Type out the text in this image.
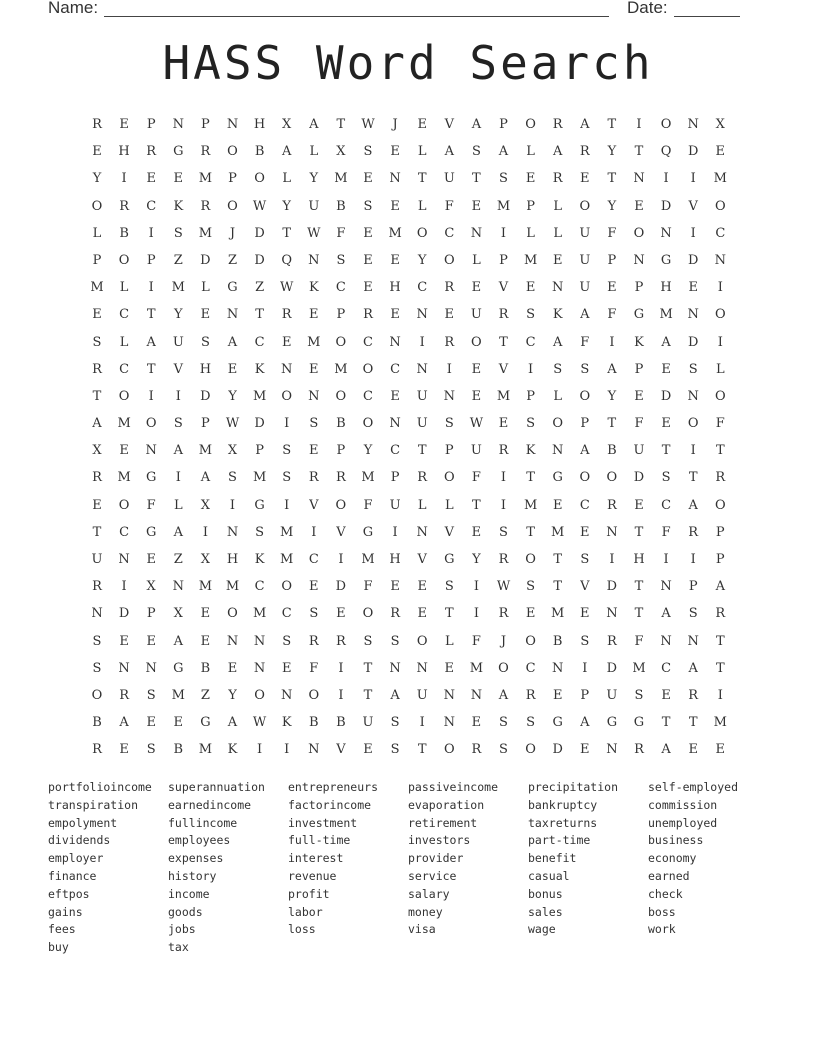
Name:	Date:
HASS Word Search
R	E	P	N	P	N	H	X	A	T	W	J	E	V	A	P	O	R	A	T	I	O	N	X
E	H	R	G	R	O	B	A	L	X	S	E	L	A	S	A	L	A	R	Y	T	Q	D	E
Y	I	E	E	M	P	O	L	Y	M	E	N	T	U	T	S	E	R	E	T	N	I	I	M
O	R	C	K	R	O	W	Y	U	B	S	E	L	F	E	M	P	L	O	Y	E	D	V	O
L	B	I	S	M	J	D	T	W	F	E	M	O	C	N	I	L	L	U	F	O	N	I	C
P	O	P	Z	D	Z	D	Q	N	S	E	E	Y	O	L	P	M	E	U	P	N	G	D	N
M	L	I	M	L	G	Z	W	K	C	E	H	C	R	E	V	E	N	U	E	P	H	E	I
E	C	T	Y	E	N	T	R	E	P	R	E	N	E	U	R	S	K	A	F	G	M	N	O
S	L	A	U	S	A	C	E	M	O	C	N	I	R	O	T	C	A	F	I	K	A	D	I
R	C	T	V	H	E	K	N	E	M	O	C	N	I	E	V	I	S	S	A	P	E	S	L
T	O	I	I	D	Y	M	O	N	O	C	E	U	N	E	M	P	L	O	Y	E	D	N	O
A	M	O	S	P	W	D	I	S	B	O	N	U	S	W	E	S	O	P	T	F	E	O	F
X	E	N	A	M	X	P	S	E	P	Y	C	T	P	U	R	K	N	A	B	U	T	I	T
R	M	G	I	A	S	M	S	R	R	M	P	R	O	F	I	T	G	O	O	D	S	T	R
E	O	F	L	X	I	G	I	V	O	F	U	L	L	T	I	M	E	C	R	E	C	A	O
T	C	G	A	I	N	S	M	I	V	G	I	N	V	E	S	T	M	E	N	T	F	R	P
U	N	E	Z	X	H	K	M	C	I	M	H	V	G	Y	R	O	T	S	I	H	I	I	P
R	I	X	N	M	M	C	O	E	D	F	E	E	S	I	W	S	T	V	D	T	N	P	A
N	D	P	X	E	O	M	C	S	E	O	R	E	T	I	R	E	M	E	N	T	A	S	R
S	E	E	A	E	N	N	S	R	R	S	S	O	L	F	J	O	B	S	R	F	N	N	T
S	N	N	G	B	E	N	E	F	I	T	N	N	E	M	O	C	N	I	D	M	C	A	T
O	R	S	M	Z	Y	O	N	O	I	T	A	U	N	N	A	R	E	P	U	S	E	R	I
B	A	E	E	G	A	W	K	B	B	U	S	I	N	E	S	S	G	A	G	G	T	T	M
R	E	S	B	M	K	I	I	N	V	E	S	T	O	R	S	O	D	E	N	R	A	E	E
portfolioincome	superannuation	entrepreneurs	passiveincome	precipitation	self-employed
transpiration	earnedincome	factorincome	evaporation	bankruptcy	commission
empolyment	fullincome	investment	retirement	taxreturns	unemployed
dividends	employees	full-time	investors	part-time	business
employer	expenses	interest	provider	benefit	economy
finance	history	revenue	service	casual	earned
eftpos	income	profit	salary	bonus	check
gains	goods	labor	money	sales	boss
fees	jobs	loss	visa	wage	work
buy	tax
